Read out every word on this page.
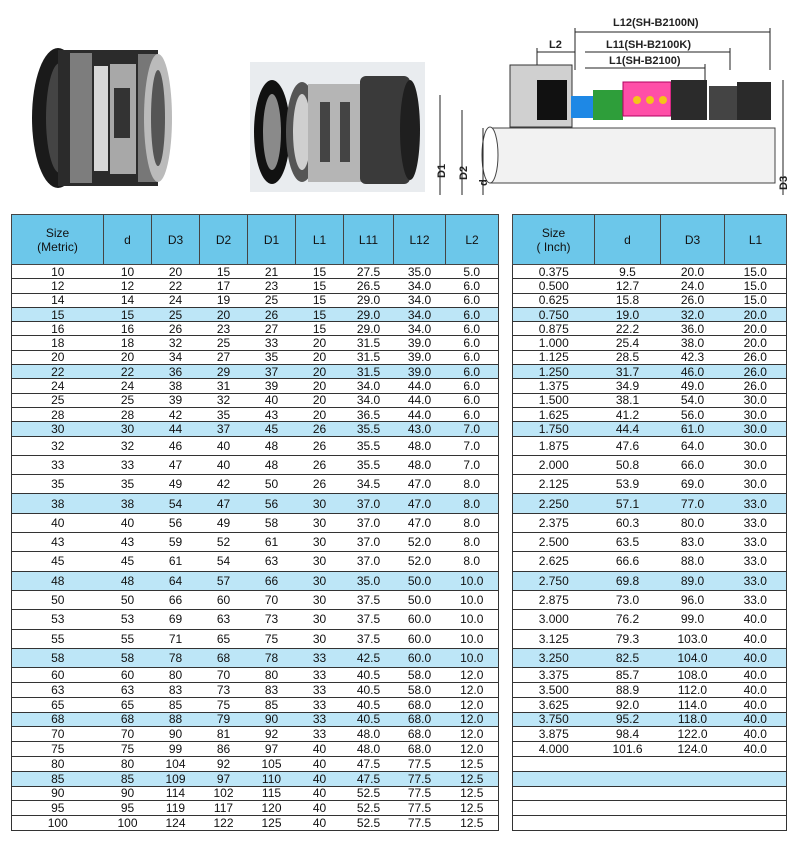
L12(SH-B2100N)
L11(SH-B2100K)
L1(SH-B2100)
L2
D1 D2
d	D3
Size
(Metric)	d	D3	D2	D1	L1	L11	L12	L2
10	10	20	15	21	15	27.5	35.0	5.0
12	12	22	17	23	15	26.5	34.0	6.0
14	14	24	19	25	15	29.0	34.0	6.0
15	15	25	20	26	15	29.0	34.0	6.0
16	16	26	23	27	15	29.0	34.0	6.0
18	18	32	25	33	20	31.5	39.0	6.0
20	20	34	27	35	20	31.5	39.0	6.0
22	22	36	29	37	20	31.5	39.0	6.0
24	24	38	31	39	20	34.0	44.0	6.0
25	25	39	32	40	20	34.0	44.0	6.0
28	28	42	35	43	20	36.5	44.0	6.0
30	30	44	37	45	26	35.5	43.0	7.0
32	32	46	40	48	26	35.5	48.0	7.0
33	33	47	40	48	26	35.5	48.0	7.0
35	35	49	42	50	26	34.5	47.0	8.0
38	38	54	47	56	30	37.0	47.0	8.0
40	40	56	49	58	30	37.0	47.0	8.0
43	43	59	52	61	30	37.0	52.0	8.0
45	45	61	54	63	30	37.0	52.0	8.0
48	48	64	57	66	30	35.0	50.0	10.0
50	50	66	60	70	30	37.5	50.0	10.0
53	53	69	63	73	30	37.5	60.0	10.0
55	55	71	65	75	30	37.5	60.0	10.0
58	58	78	68	78	33	42.5	60.0	10.0
60	60	80	70	80	33	40.5	58.0	12.0
63	63	83	73	83	33	40.5	58.0	12.0
65	65	85	75	85	33	40.5	68.0	12.0
68	68	88	79	90	33	40.5	68.0	12.0
70	70	90	81	92	33	48.0	68.0	12.0
75	75	99	86	97	40	48.0	68.0	12.0
80	80	104	92	105	40	47.5	77.5	12.5
85	85	109	97	110	40	47.5	77.5	12.5
90	90	114	102	115	40	52.5	77.5	12.5
95	95	119	117	120	40	52.5	77.5	12.5
100	100	124	122	125	40	52.5	77.5	12.5
Size
( Inch)	d	D3	L1
0.375	9.5	20.0	15.0
0.500	12.7	24.0	15.0
0.625	15.8	26.0	15.0
0.750	19.0	32.0	20.0
0.875	22.2	36.0	20.0
1.000	25.4	38.0	20.0
1.125	28.5	42.3	26.0
1.250	31.7	46.0	26.0
1.375	34.9	49.0	26.0
1.500	38.1	54.0	30.0
1.625	41.2	56.0	30.0
1.750	44.4	61.0	30.0
1.875	47.6	64.0	30.0
2.000	50.8	66.0	30.0
2.125	53.9	69.0	30.0
2.250	57.1	77.0	33.0
2.375	60.3	80.0	33.0
2.500	63.5	83.0	33.0
2.625	66.6	88.0	33.0
2.750	69.8	89.0	33.0
2.875	73.0	96.0	33.0
3.000	76.2	99.0	40.0
3.125	79.3	103.0	40.0
3.250	82.5	104.0	40.0
3.375	85.7	108.0	40.0
3.500	88.9	112.0	40.0
3.625	92.0	114.0	40.0
3.750	95.2	118.0	40.0
3.875	98.4	122.0	40.0
4.000	101.6	124.0	40.0
